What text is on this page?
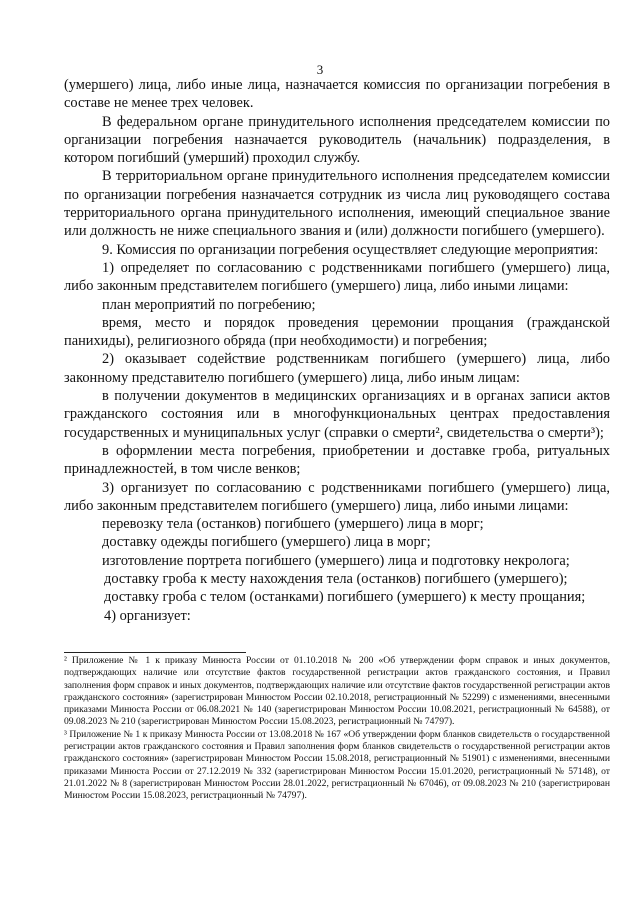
3

(умершего) лица, либо иные лица, назначается комиссия по организации погребения в составе не менее трех человек.

В федеральном органе принудительного исполнения председателем комиссии по организации погребения назначается руководитель (начальник) подразделения, в котором погибший (умерший) проходил службу.

В территориальном органе принудительного исполнения председателем комиссии по организации погребения назначается сотрудник из числа лиц руководящего состава территориального органа принудительного исполнения, имеющий специальное звание или должность не ниже специального звания и (или) должности погибшего (умершего).

9. Комиссия по организации погребения осуществляет следующие мероприятия:

1) определяет по согласованию с родственниками погибшего (умершего) лица, либо законным представителем погибшего (умершего) лица, либо иными лицами:

план мероприятий по погребению;

время, место и порядок проведения церемонии прощания (гражданской панихиды), религиозного обряда (при необходимости) и погребения;

2) оказывает содействие родственникам погибшего (умершего) лица, либо законному представителю погибшего (умершего) лица, либо иным лицам:

в получении документов в медицинских организациях и в органах записи актов гражданского состояния или в многофункциональных центрах предоставления государственных и муниципальных услуг (справки о смерти², свидетельства о смерти³);

в оформлении места погребения, приобретении и доставке гроба, ритуальных принадлежностей, в том числе венков;

3) организует по согласованию с родственниками погибшего (умершего) лица, либо законным представителем погибшего (умершего) лица, либо иными лицами:

перевозку тела (останков) погибшего (умершего) лица в морг;

доставку одежды погибшего (умершего) лица в морг;

изготовление портрета погибшего (умершего) лица и подготовку некролога;

доставку гроба к месту нахождения тела (останков) погибшего (умершего);

доставку гроба с телом (останками) погибшего (умершего) к месту прощания;

4) организует:

² Приложение № 1 к приказу Минюста России от 01.10.2018 № 200 «Об утверждении форм справок и иных документов, подтверждающих наличие или отсутствие фактов государственной регистрации актов гражданского состояния, и Правил заполнения форм справок и иных документов, подтверждающих наличие или отсутствие фактов государственной регистрации актов гражданского состояния» (зарегистрирован Минюстом России 02.10.2018, регистрационный № 52299) с изменениями, внесенными приказами Минюста России от 06.08.2021 № 140 (зарегистрирован Минюстом России 10.08.2021, регистрационный № 64588), от 09.08.2023 № 210 (зарегистрирован Минюстом России 15.08.2023, регистрационный № 74797).

³ Приложение № 1 к приказу Минюста России от 13.08.2018 № 167 «Об утверждении форм бланков свидетельств о государственной регистрации актов гражданского состояния и Правил заполнения форм бланков свидетельств о государственной регистрации актов гражданского состояния» (зарегистрирован Минюстом России 15.08.2018, регистрационный № 51901) с изменениями, внесенными приказами Минюста России от 27.12.2019 № 332 (зарегистрирован Минюстом России 15.01.2020, регистрационный № 57148), от 21.01.2022 № 8 (зарегистрирован Минюстом России 28.01.2022, регистрационный № 67046), от 09.08.2023 № 210 (зарегистрирован Минюстом России 15.08.2023, регистрационный № 74797).
